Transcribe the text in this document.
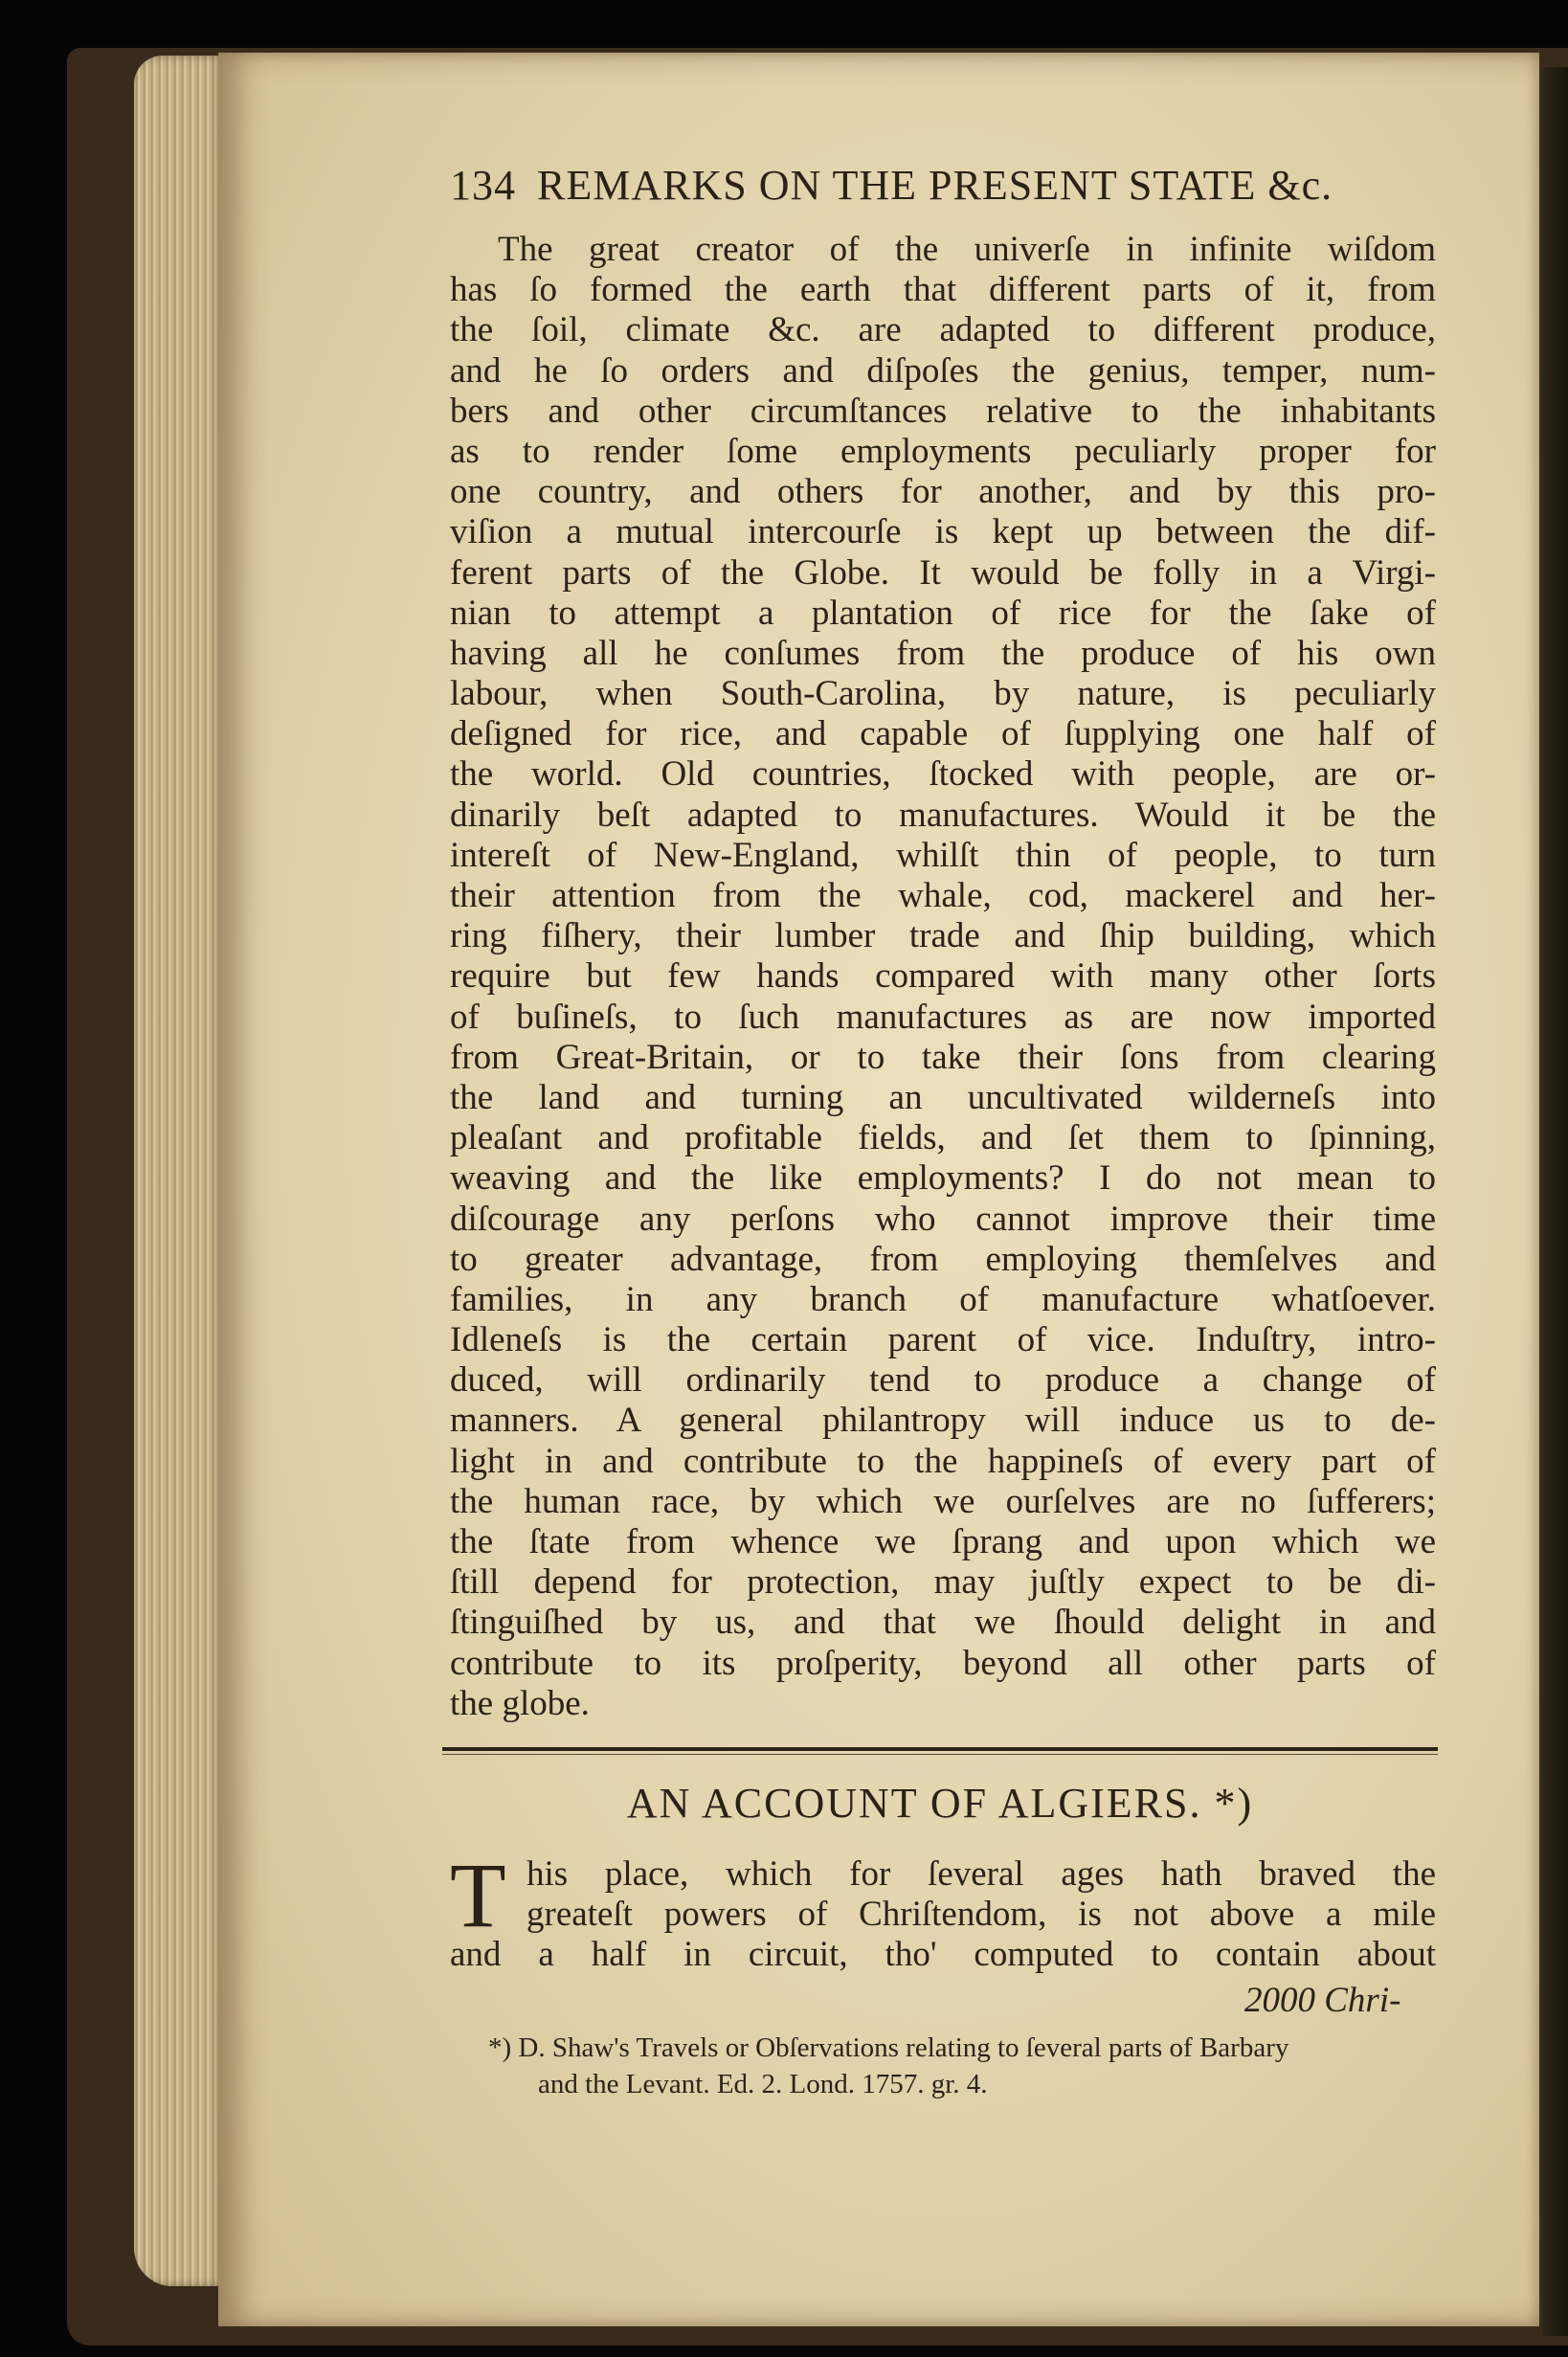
134 REMARKS ON THE PRESENT STATE &c.
The great creator of the univerſe in infinite wiſdom
has ſo formed the earth that different parts of it, from
the ſoil, climate &c. are adapted to different produce,
and he ſo orders and diſpoſes the genius, temper, num-
bers and other circumſtances relative to the inhabitants
as to render ſome employments peculiarly proper for
one country, and others for another, and by this pro-
viſion a mutual intercourſe is kept up between the dif-
ferent parts of the Globe. It would be folly in a Virgi-
nian to attempt a plantation of rice for the ſake of
having all he conſumes from the produce of his own
labour, when South-Carolina, by nature, is peculiarly
deſigned for rice, and capable of ſupplying one half of
the world. Old countries, ſtocked with people, are or-
dinarily beſt adapted to manufactures. Would it be the
intereſt of New-England, whilſt thin of people, to turn
their attention from the whale, cod, mackerel and her-
ring fiſhery, their lumber trade and ſhip building, which
require but few hands compared with many other ſorts
of buſineſs, to ſuch manufactures as are now imported
from Great-Britain, or to take their ſons from clearing
the land and turning an uncultivated wilderneſs into
pleaſant and profitable fields, and ſet them to ſpinning,
weaving and the like employments? I do not mean to
diſcourage any perſons who cannot improve their time
to greater advantage, from employing themſelves and
families, in any branch of manufacture whatſoever.
Idleneſs is the certain parent of vice. Induſtry, intro-
duced, will ordinarily tend to produce a change of
manners. A general philantropy will induce us to de-
light in and contribute to the happineſs of every part of
the human race, by which we ourſelves are no ſufferers;
the ſtate from whence we ſprang and upon which we
ſtill depend for protection, may juſtly expect to be di-
ſtinguiſhed by us, and that we ſhould delight in and
contribute to its proſperity, beyond all other parts of
the globe.
AN ACCOUNT OF ALGIERS. *)
T his place, which for ſeveral ages hath braved the
greateſt powers of Chriſtendom, is not above a mile
and a half in circuit, tho' computed to contain about
2000 Chri-
*) D. Shaw's Travels or Obſervations relating to ſeveral parts of Barbary
and the Levant. Ed. 2. Lond. 1757. gr. 4.
